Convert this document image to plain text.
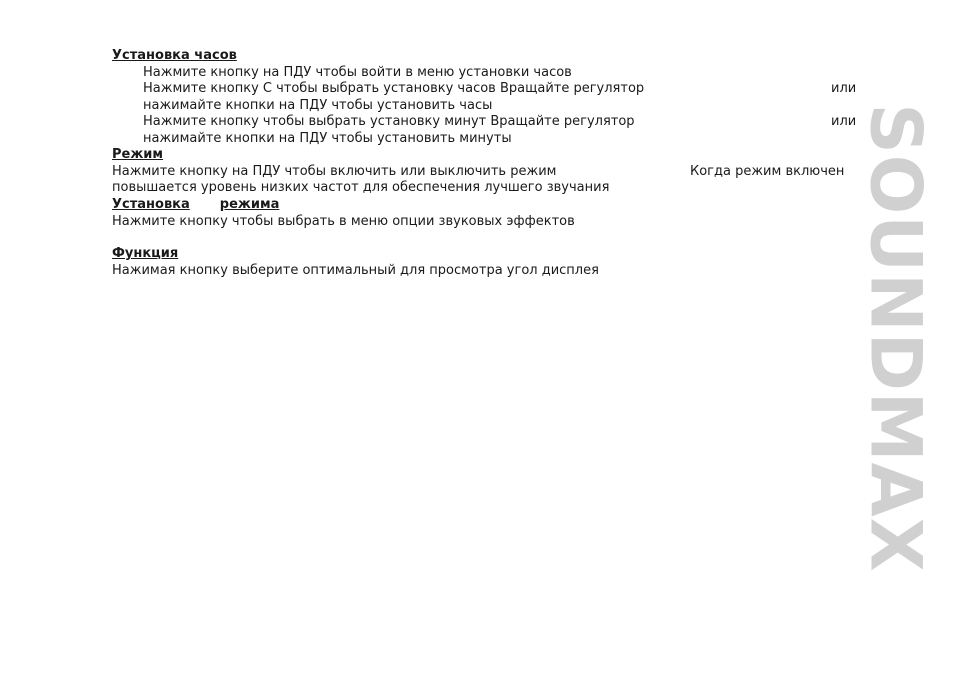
Установка часов
Нажмите кнопку на ПДУ чтобы войти в меню установки часов
Нажмите кнопку С чтобы выбрать установку часов Вращайте регулятор	или
нажимайте кнопки на ПДУ чтобы установить часы
Нажмите кнопку чтобы выбрать установку минут Вращайте регулятор	или
нажимайте кнопки на ПДУ чтобы установить минуты
Режим
Нажмите кнопку на ПДУ чтобы включить или выключить режим	Когда режим включен
повышается уровень низких частот для обеспечения лучшего звучания
Установка режима
Нажмите кнопку чтобы выбрать в меню опции звуковых эффектов
Функция
Нажимая кнопку выберите оптимальный для просмотра угол дисплея	SOUNDMAX
